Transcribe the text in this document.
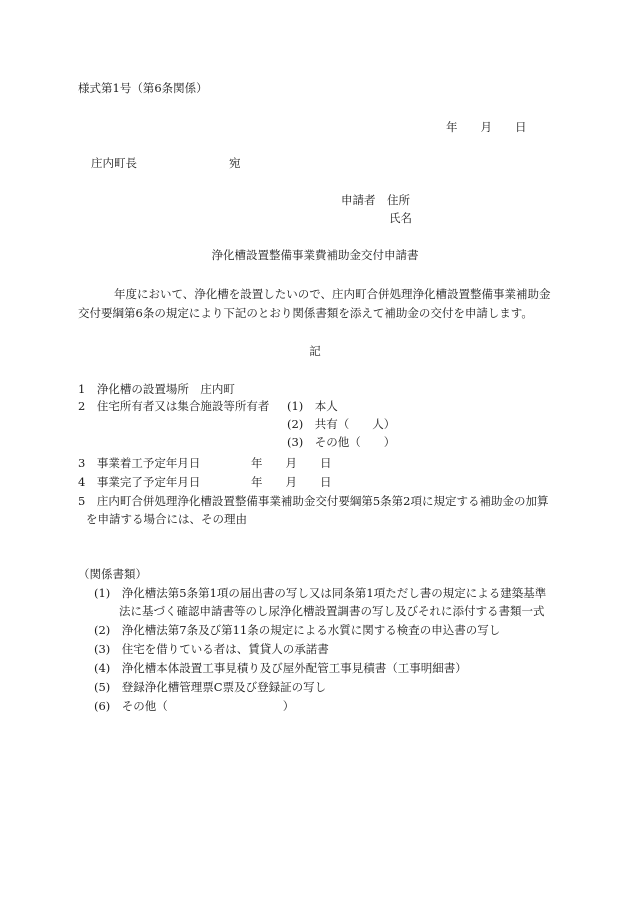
様式第1号（第6条関係）
年　　月　　日
庄内町長　　　　　　　　宛
申請者　住所
氏名
浄化槽設置整備事業費補助金交付申請書
年度において、浄化槽を設置したいので、庄内町合併処理浄化槽設置整備事業補助金
交付要綱第6条の規定により下記のとおり関係書類を添えて補助金の交付を申請します。
記
1　浄化槽の設置場所　庄内町
2　住宅所有者又は集合施設等所有者 (1)　本人
(2)　共有（　　人）
(3)　その他（　　）
3　事業着工予定年月日	年　　月　　日
4　事業完了予定年月日	年　　月　　日
5　庄内町合併処理浄化槽設置整備事業補助金交付要綱第5条第2項に規定する補助金の加算
を申請する場合には、その理由
（関係書類）
(1)　浄化槽法第5条第1項の届出書の写し又は同条第1項ただし書の規定による建築基準
法に基づく確認申請書等のし尿浄化槽設置調書の写し及びそれに添付する書類一式
(2)　浄化槽法第7条及び第11条の規定による水質に関する検査の申込書の写し
(3)　住宅を借りている者は、賃貸人の承諾書
(4)　浄化槽本体設置工事見積り及び屋外配管工事見積書（工事明細書）
(5)　登録浄化槽管理票C票及び登録証の写し
(6)　その他（　　　　　　　　　　）
